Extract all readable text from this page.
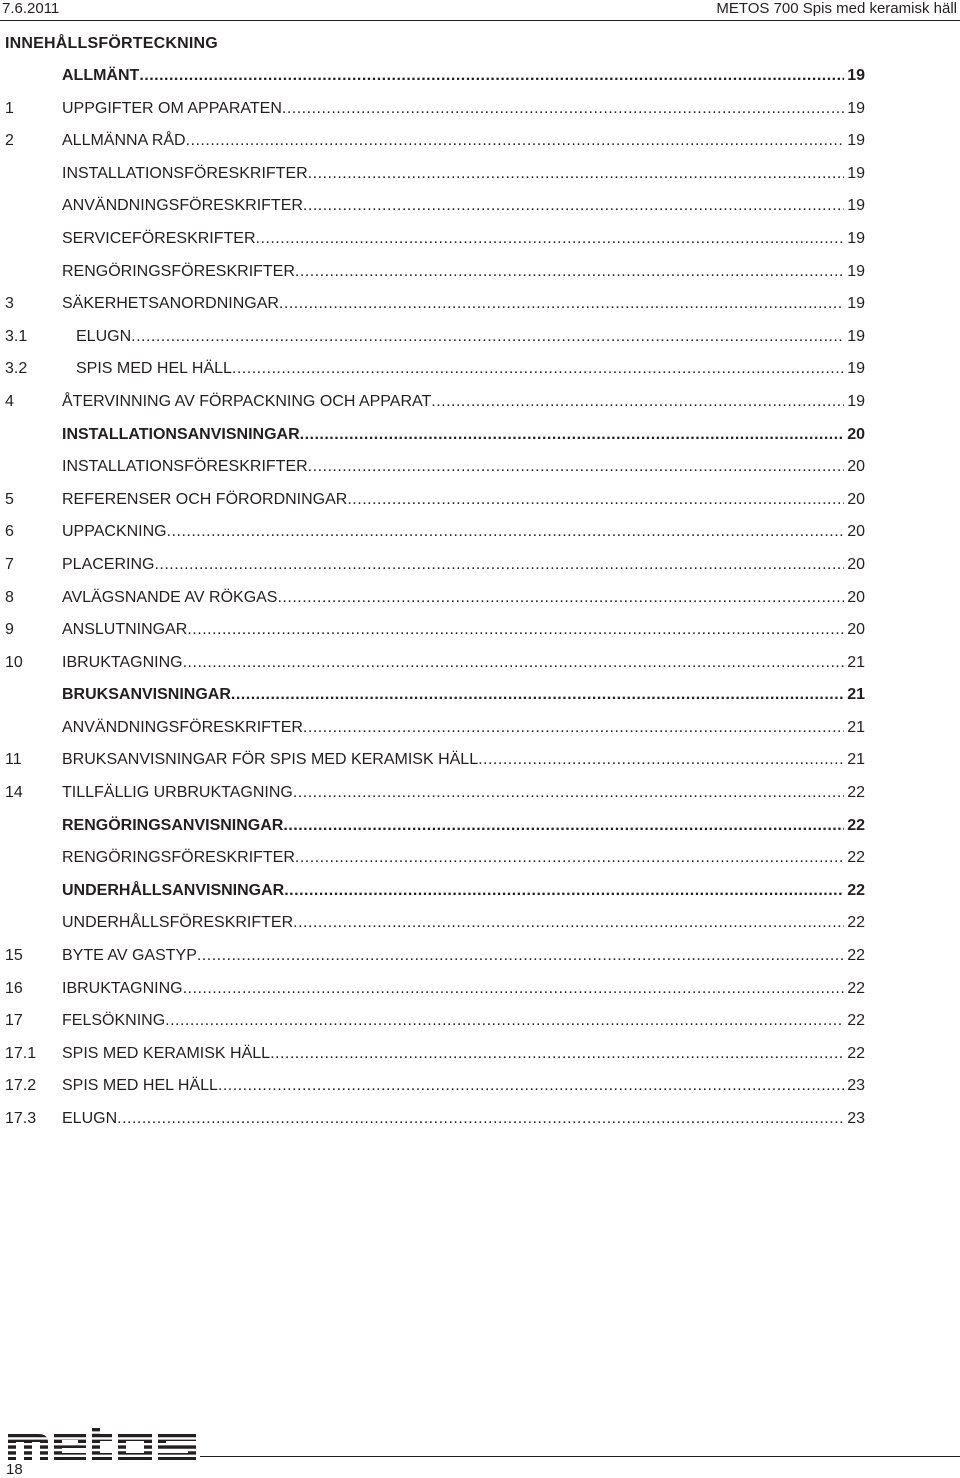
7.6.2011	METOS 700 Spis med keramisk häll
INNEHÅLLSFÖRTECKNING
ALLMÄNT .....	19
1	UPPGIFTER OM APPARATEN .....	19
2	ALLMÄNNA RÅD .....	19
INSTALLATIONSFÖRESKRIFTER .....	19
ANVÄNDNINGSFÖRESKRIFTER .....	19
SERVICEFÖRESKRIFTER .....	19
RENGÖRINGSFÖRESKRIFTER .....	19
3	SÄKERHETSANORDNINGAR .....	19
3.1	ELUGN .....	19
3.2	SPIS MED HEL HÄLL .....	19
4	ÅTERVINNING AV FÖRPACKNING OCH APPARAT .....	19
INSTALLATIONSANVISNINGAR .....	20
INSTALLATIONSFÖRESKRIFTER .....	20
5	REFERENSER OCH FÖRORDNINGAR .....	20
6	UPPACKNING .....	20
7	PLACERING .....	20
8	AVLÄGSNANDE AV RÖKGAS .....	20
9	ANSLUTNINGAR .....	20
10	IBRUKTAGNING .....	21
BRUKSANVISNINGAR .....	21
ANVÄNDNINGSFÖRESKRIFTER .....	21
11	BRUKSANVISNINGAR FÖR SPIS MED KERAMISK HÄLL .....	21
14	TILLFÄLLIG URBRUKTAGNING .....	22
RENGÖRINGSANVISNINGAR .....	22
RENGÖRINGSFÖRESKRIFTER .....	22
UNDERHÅLLSANVISNINGAR .....	22
UNDERHÅLLSFÖRESKRIFTER .....	22
15	BYTE AV GASTYP .....	22
16	IBRUKTAGNING .....	22
17	FELSÖKNING .....	22
17.1	SPIS MED KERAMISK HÄLL .....	22
17.2	SPIS MED HEL HÄLL .....	23
17.3	ELUGN .....	23
18
